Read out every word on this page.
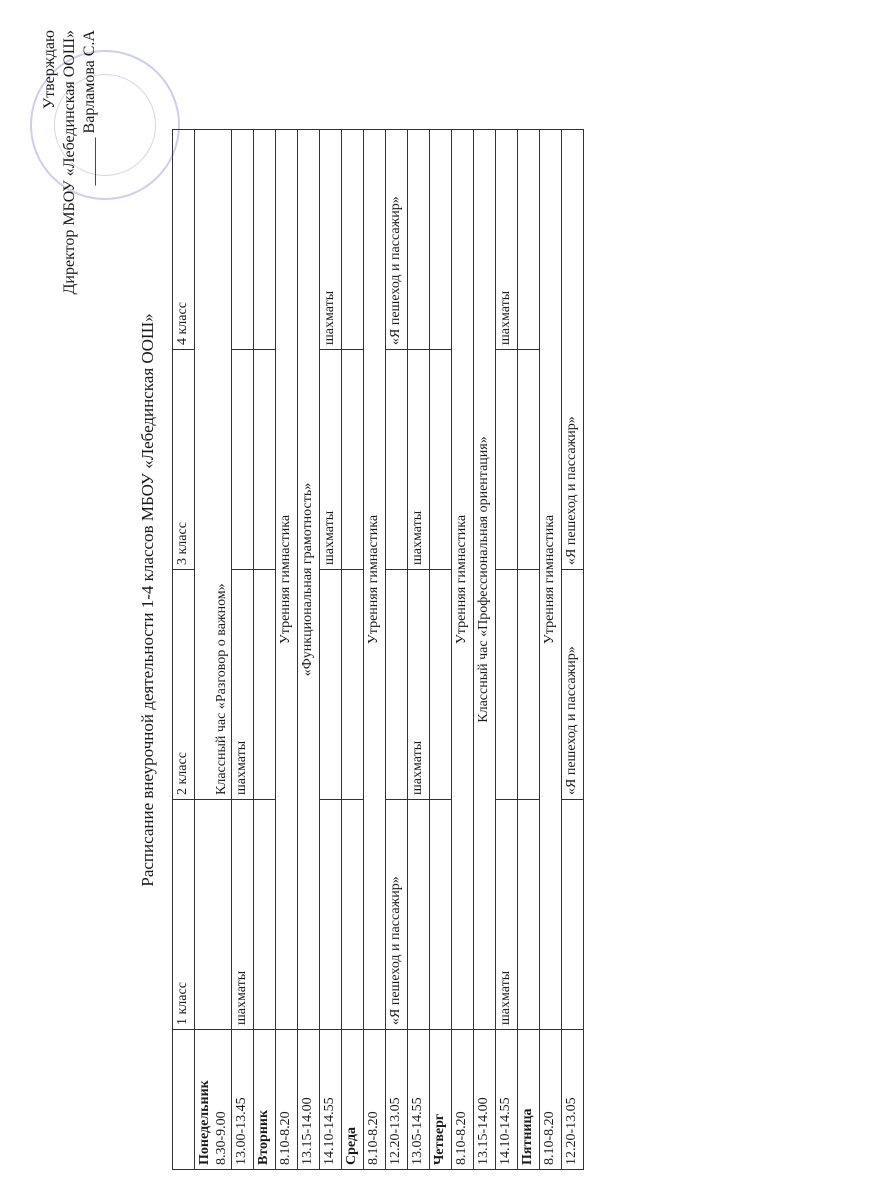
Утверждаю Директор МБОУ «Лебединская ООШ» ______ Варламова С.А
Расписание внеурочной деятельности 1-4 классов МБОУ «Лебединская ООШ»
	1 класс	2 класс	3 класс	4 класс

Понедельник 8.30-9.00		Классный час «Разговор о важном»		
13.00-13.45	шахматы	шахматы		
Вторник				
8.10-8.20	Утренняя гимнастика			
13.15-14.00	«Функциональная грамотность»			
14.10-14.55			шахматы	шахматы
Среда				
8.10-8.20	Утренняя гимнастика			
12.20-13.05	«Я пешеход и пассажир»			«Я пешеход и пассажир»
13.05-14.55		шахматы	шахматы	
Четверг				
8.10-8.20	Утренняя гимнастика			
13.15-14.00	Классный час «Профессиональная ориентация»			
14.10-14.55	шахматы			шахматы
Пятница				
8.10-8.20	Утренняя гимнастика			
12.20-13.05		«Я пешеход и пассажир»	«Я пешеход и пассажир»	
